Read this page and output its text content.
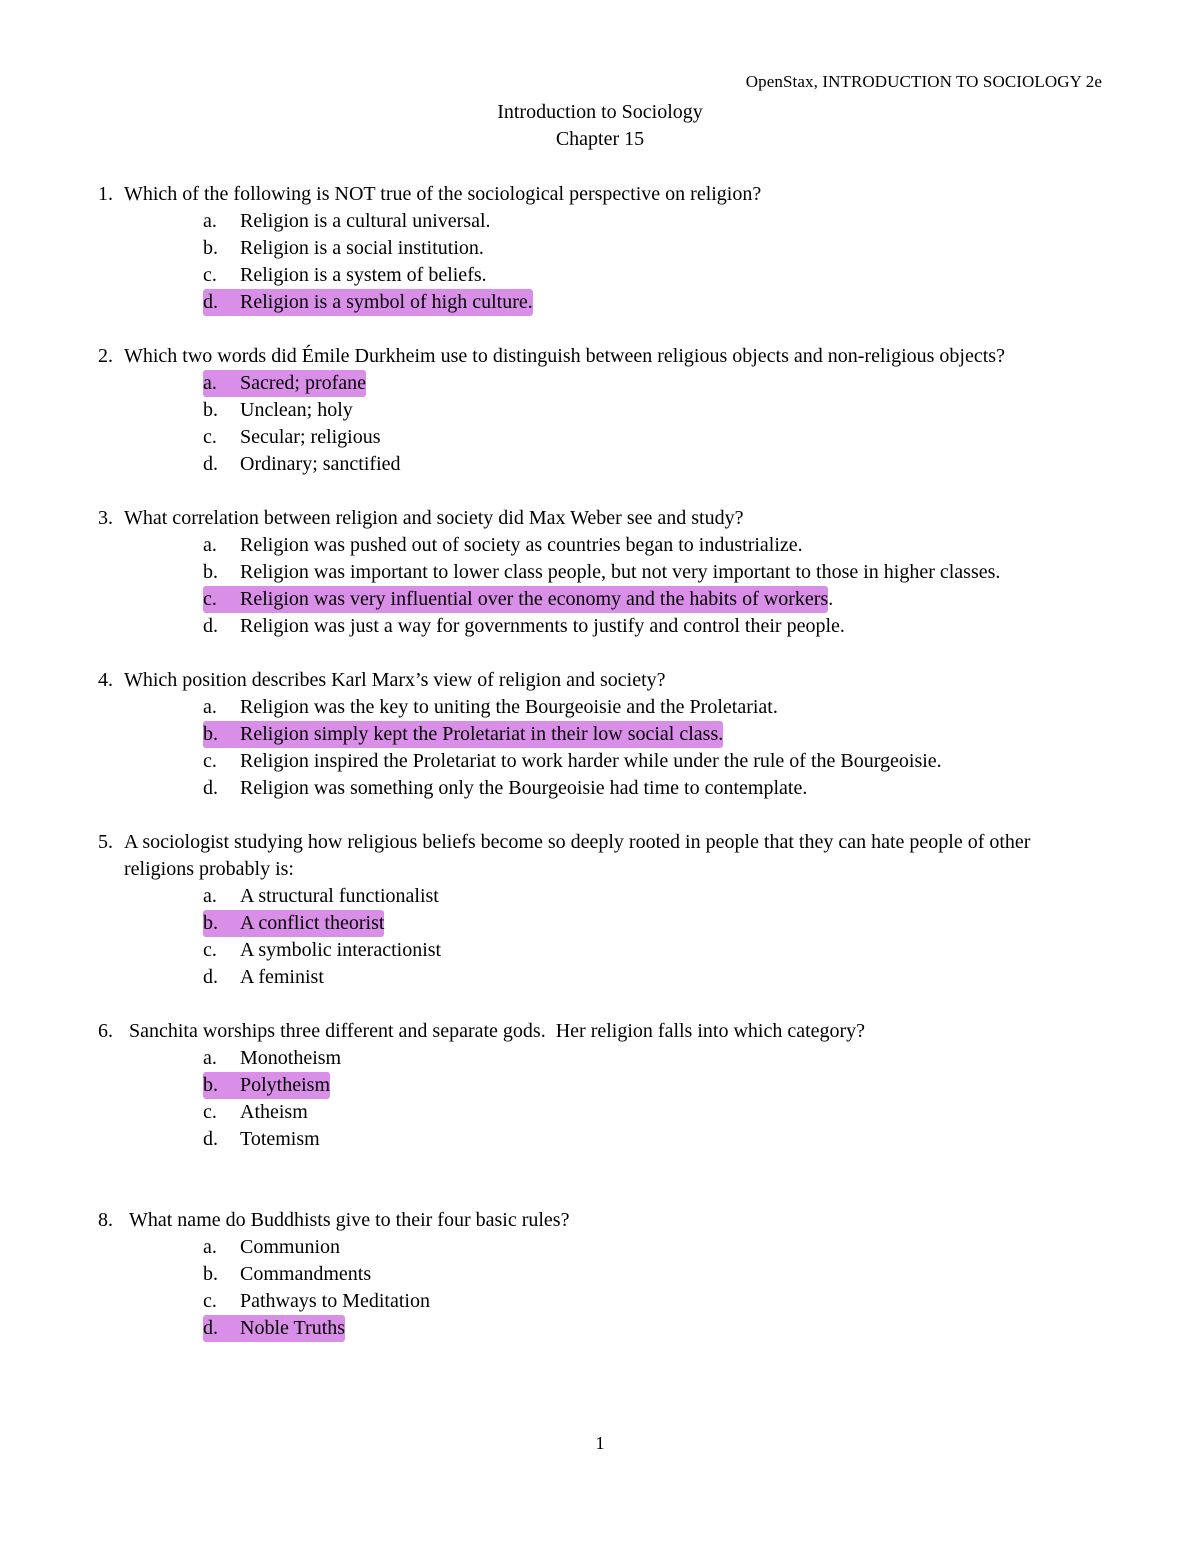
OpenStax, INTRODUCTION TO SOCIOLOGY 2e
Introduction to Sociology
Chapter 15
1. Which of the following is NOT true of the sociological perspective on religion?
a.	Religion is a cultural universal.
b.	Religion is a social institution.
c.	Religion is a system of beliefs.
d.	Religion is a symbol of high culture.
2. Which two words did Émile Durkheim use to distinguish between religious objects and non-religious objects?
a.	Sacred; profane
b.	Unclean; holy
c.	Secular; religious
d.	Ordinary; sanctified
3. What correlation between religion and society did Max Weber see and study?
a.	Religion was pushed out of society as countries began to industrialize.
b.	Religion was important to lower class people, but not very important to those in higher classes.
c.	Religion was very influential over the economy and the habits of workers .
d.	Religion was just a way for governments to justify and control their people.
4. Which position describes Karl Marx’s view of religion and society?
a.	Religion was the key to uniting the Bourgeoisie and the Proletariat.
b.	Religion simply kept the Proletariat in their low social class.
c.	Religion inspired the Proletariat to work harder while under the rule of the Bourgeoisie.
d.	Religion was something only the Bourgeoisie had time to contemplate.
5. A sociologist studying how religious beliefs become so deeply rooted in people that they can hate people of other religions probably is:
a.	A structural functionalist
b.	A conflict theorist
c.	A symbolic interactionist
d.	A feminist
6. Sanchita worships three different and separate gods.  Her religion falls into which category?
a.	Monotheism
b.	Polytheism
c.	Atheism
d.	Totemism
8. What name do Buddhists give to their four basic rules?
a.	Communion
b.	Commandments
c.	Pathways to Meditation
d.	Noble Truths
1
